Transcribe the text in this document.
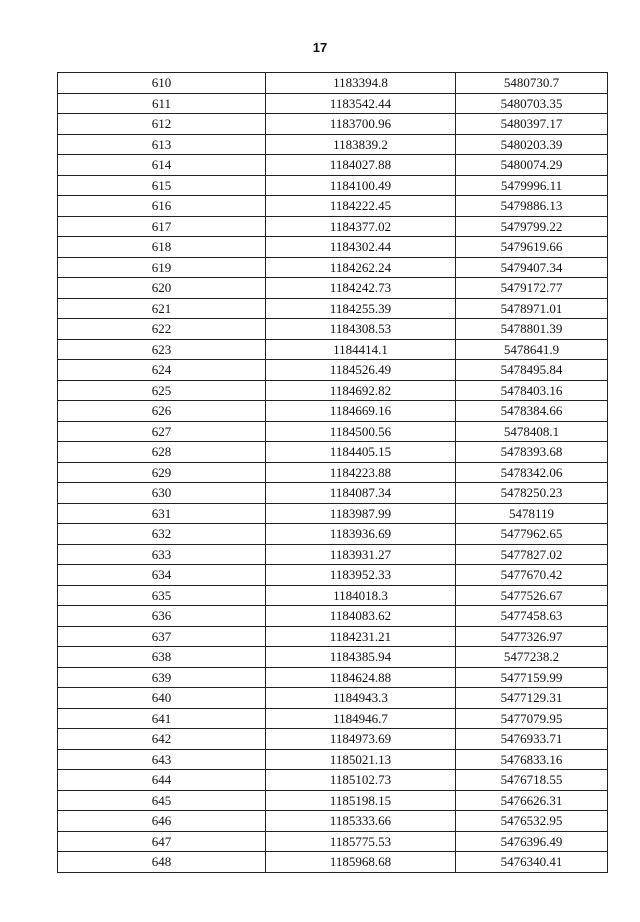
17
610	1183394.8	5480730.7
611	1183542.44	5480703.35
612	1183700.96	5480397.17
613	1183839.2	5480203.39
614	1184027.88	5480074.29
615	1184100.49	5479996.11
616	1184222.45	5479886.13
617	1184377.02	5479799.22
618	1184302.44	5479619.66
619	1184262.24	5479407.34
620	1184242.73	5479172.77
621	1184255.39	5478971.01
622	1184308.53	5478801.39
623	1184414.1	5478641.9
624	1184526.49	5478495.84
625	1184692.82	5478403.16
626	1184669.16	5478384.66
627	1184500.56	5478408.1
628	1184405.15	5478393.68
629	1184223.88	5478342.06
630	1184087.34	5478250.23
631	1183987.99	5478119
632	1183936.69	5477962.65
633	1183931.27	5477827.02
634	1183952.33	5477670.42
635	1184018.3	5477526.67
636	1184083.62	5477458.63
637	1184231.21	5477326.97
638	1184385.94	5477238.2
639	1184624.88	5477159.99
640	1184943.3	5477129.31
641	1184946.7	5477079.95
642	1184973.69	5476933.71
643	1185021.13	5476833.16
644	1185102.73	5476718.55
645	1185198.15	5476626.31
646	1185333.66	5476532.95
647	1185775.53	5476396.49
648	1185968.68	5476340.41
